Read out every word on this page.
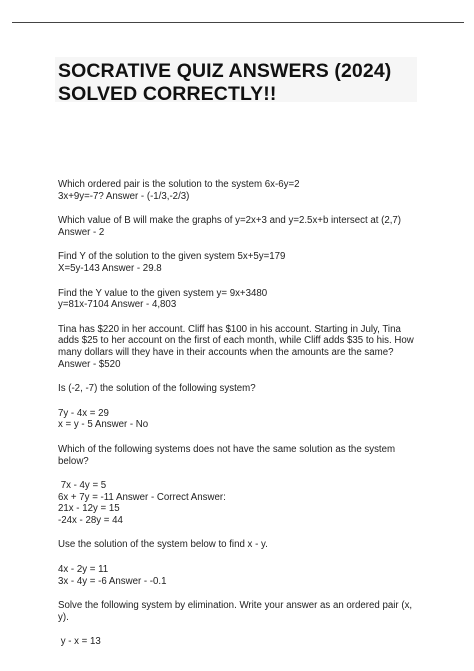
SOCRATIVE QUIZ ANSWERS (2024)
SOLVED CORRECTLY!!
Which ordered pair is the solution to the system 6x-6y=2
3x+9y=-7? Answer - (-1/3,-2/3)
Which value of B will make the graphs of y=2x+3 and y=2.5x+b intersect at (2,7)
Answer - 2
Find Y of the solution to the given system 5x+5y=179
X=5y-143 Answer - 29.8
Find the Y value to the given system y= 9x+3480
y=81x-7104 Answer - 4,803
Tina has $220 in her account. Cliff has $100 in his account. Starting in July, Tina
adds $25 to her account on the first of each month, while Cliff adds $35 to his. How
many dollars will they have in their accounts when the amounts are the same?
Answer - $520
Is (-2, -7) the solution of the following system?
7y - 4x = 29
x = y - 5 Answer - No
Which of the following systems does not have the same solution as the system
below?
7x - 4y = 5
6x + 7y = -11 Answer - Correct Answer:
21x - 12y = 15
-24x - 28y = 44
Use the solution of the system below to find x - y.
4x - 2y = 11
3x - 4y = -6 Answer - -0.1
Solve the following system by elimination. Write your answer as an ordered pair (x,
y).
y - x = 13
